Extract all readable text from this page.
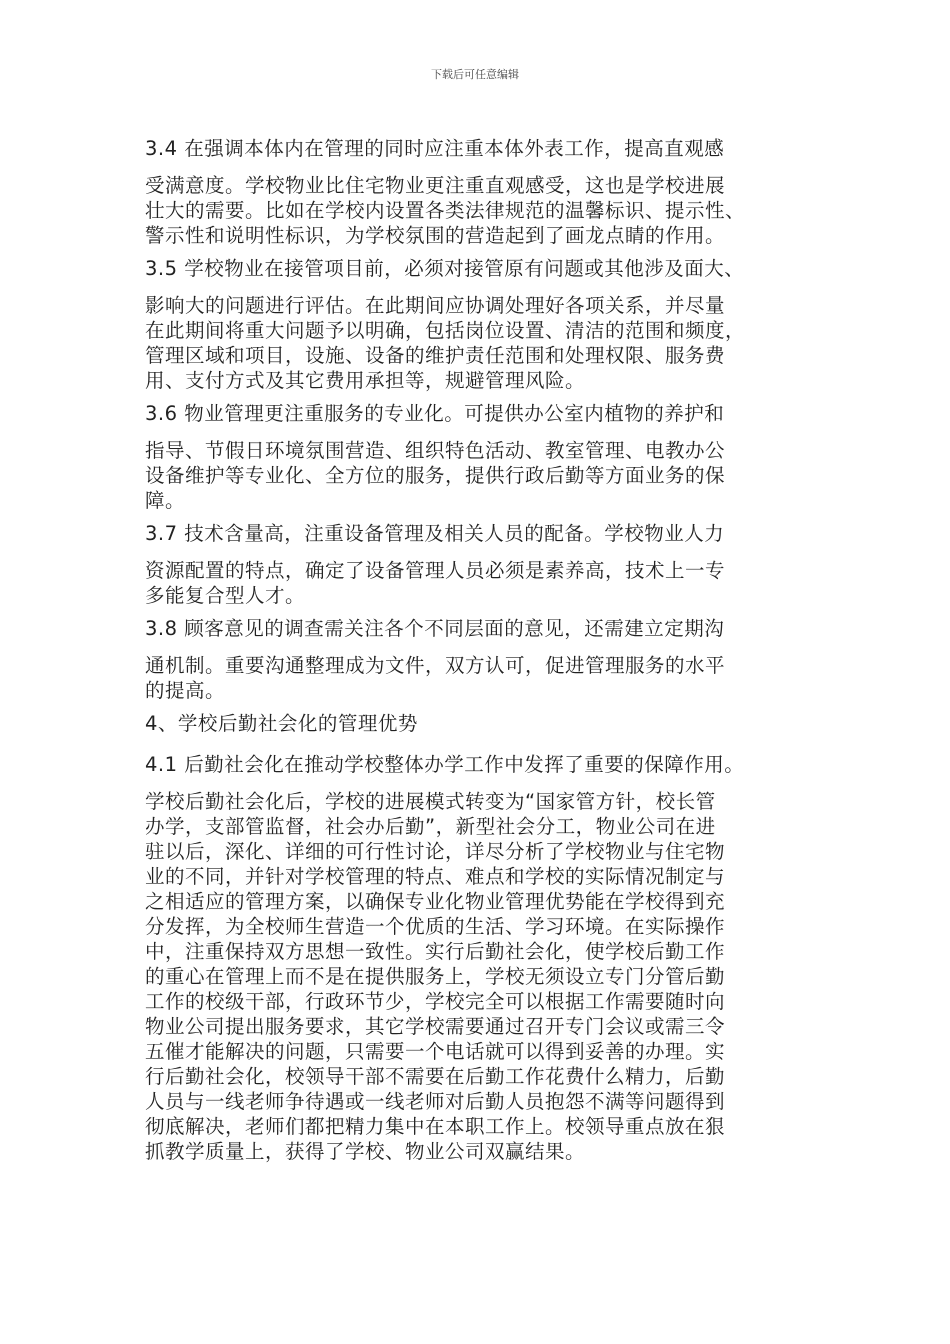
下载后可任意编辑

3.4 在强调本体内在管理的同时应注重本体外表工作，提高直观感

受满意度。学校物业比住宅物业更注重直观感受，这也是学校进展
壮大的需要。比如在学校内设置各类法律规范的温馨标识、提示性、
警示性和说明性标识，为学校氛围的营造起到了画龙点睛的作用。

3.5 学校物业在接管项目前，必须对接管原有问题或其他涉及面大、

影响大的问题进行评估。在此期间应协调处理好各项关系，并尽量
在此期间将重大问题予以明确，包括岗位设置、清洁的范围和频度，
管理区域和项目，设施、设备的维护责任范围和处理权限、服务费
用、支付方式及其它费用承担等，规避管理风险。

3.6 物业管理更注重服务的专业化。可提供办公室内植物的养护和

指导、节假日环境氛围营造、组织特色活动、教室管理、电教办公
设备维护等专业化、全方位的服务，提供行政后勤等方面业务的保
障。

3.7 技术含量高，注重设备管理及相关人员的配备。学校物业人力

资源配置的特点，确定了设备管理人员必须是素养高，技术上一专
多能复合型人才。

3.8 顾客意见的调查需关注各个不同层面的意见，还需建立定期沟

通机制。重要沟通整理成为文件，双方认可，促进管理服务的水平
的提高。

4、学校后勤社会化的管理优势

4.1 后勤社会化在推动学校整体办学工作中发挥了重要的保障作用。

学校后勤社会化后，学校的进展模式转变为“国家管方针，校长管
办学，支部管监督，社会办后勤”，新型社会分工，物业公司在进
驻以后，深化、详细的可行性讨论，详尽分析了学校物业与住宅物
业的不同，并针对学校管理的特点、难点和学校的实际情况制定与
之相适应的管理方案，以确保专业化物业管理优势能在学校得到充
分发挥，为全校师生营造一个优质的生活、学习环境。在实际操作
中，注重保持双方思想一致性。实行后勤社会化，使学校后勤工作
的重心在管理上而不是在提供服务上，学校无须设立专门分管后勤
工作的校级干部，行政环节少，学校完全可以根据工作需要随时向
物业公司提出服务要求，其它学校需要通过召开专门会议或需三令
五催才能解决的问题，只需要一个电话就可以得到妥善的办理。实
行后勤社会化，校领导干部不需要在后勤工作花费什么精力，后勤
人员与一线老师争待遇或一线老师对后勤人员抱怨不满等问题得到
彻底解决，老师们都把精力集中在本职工作上。校领导重点放在狠
抓教学质量上，获得了学校、物业公司双赢结果。
